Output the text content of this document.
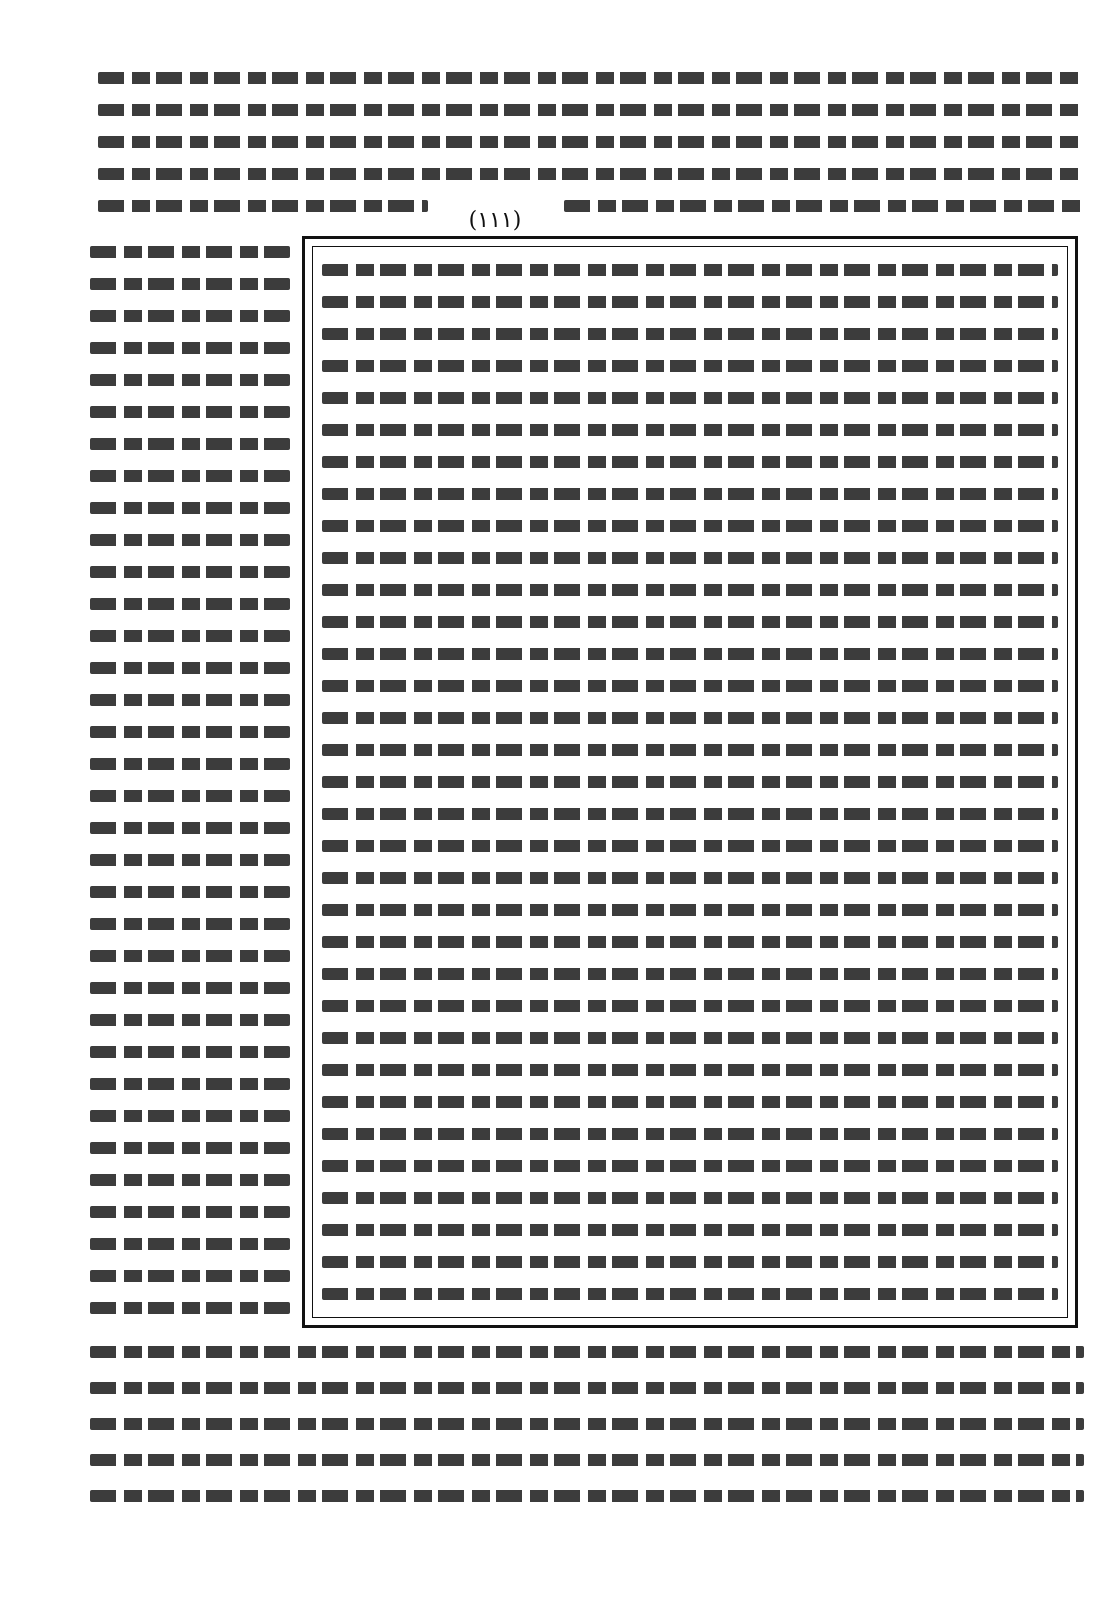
(١١١)
